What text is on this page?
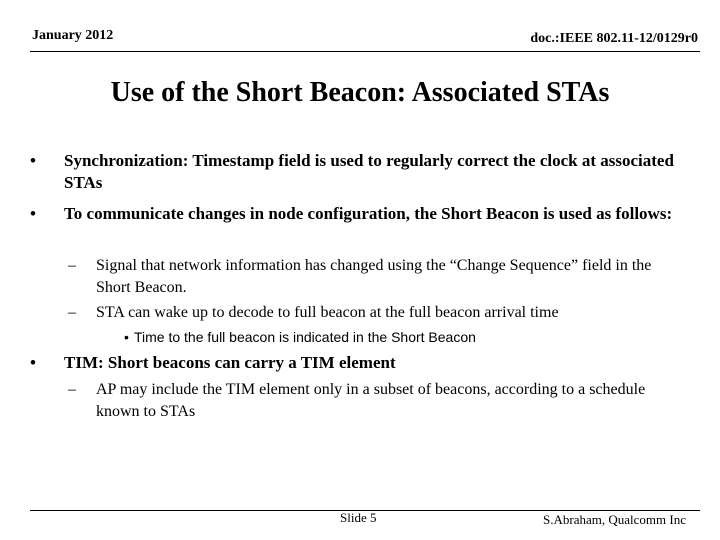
January 2012	doc.:IEEE 802.11-12/0129r0
Use of the Short Beacon: Associated STAs
•	Synchronization: Timestamp field is used to regularly correct the clock at associated STAs
•	To communicate changes in node configuration, the Short Beacon is used as follows:
–	Signal that network information has changed using the “Change Sequence” field in the Short Beacon.
–	STA can wake up to decode to full beacon at the full beacon arrival time
• Time to the full beacon is indicated in the Short Beacon
•	TIM: Short beacons can carry a TIM element
–	AP may include the TIM element only in a subset of beacons, according to a schedule known to STAs
Slide 5	S.Abraham, Qualcomm Inc
